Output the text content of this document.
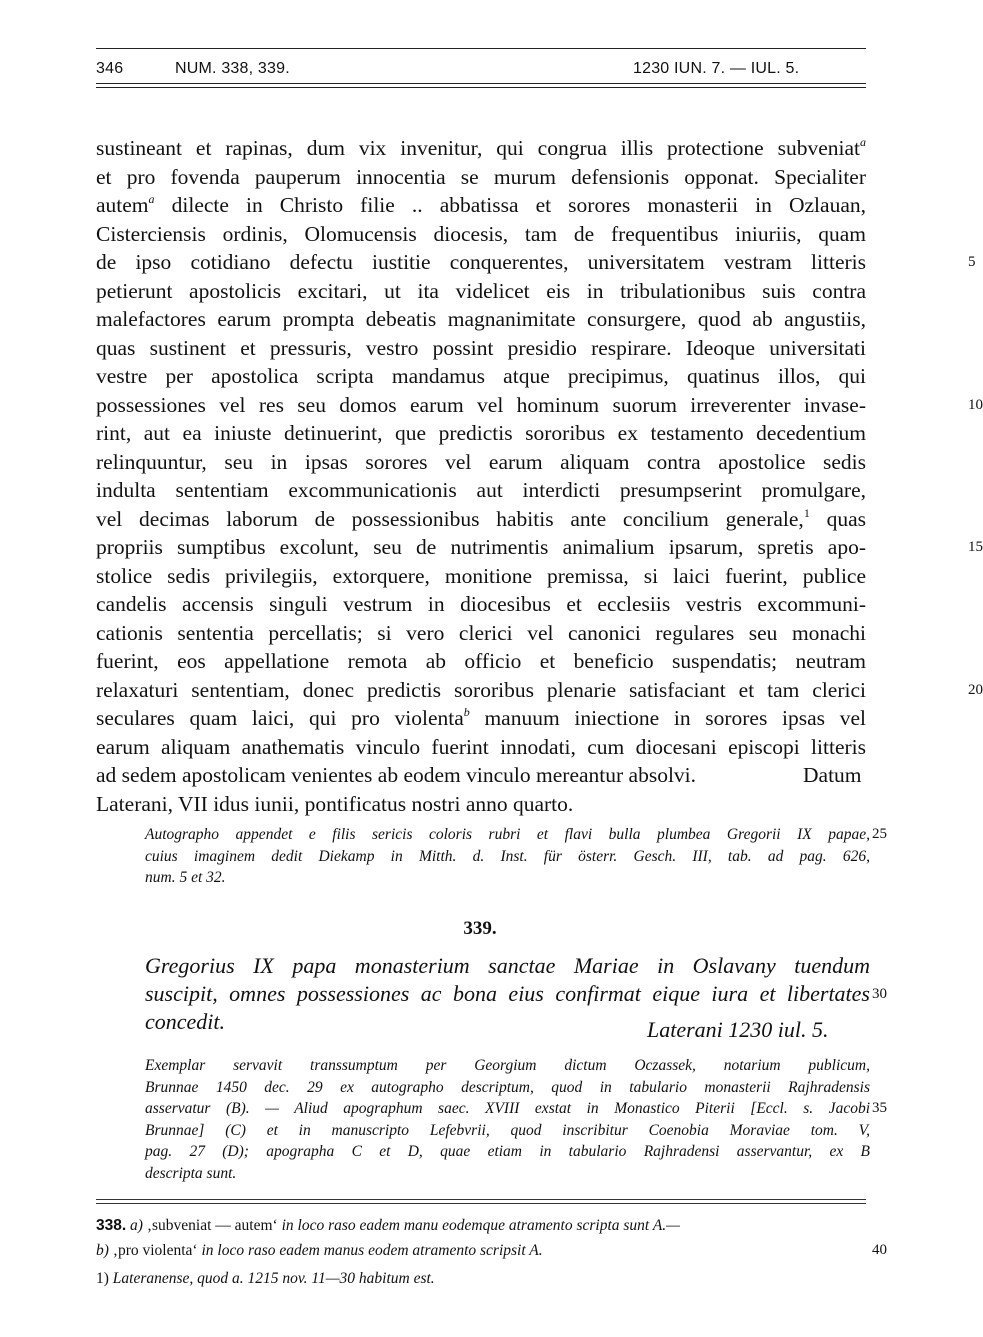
346	NUM. 338, 339.	1230 IUN. 7. — IUL. 5.
sustineant et rapinas, dum vix invenitur, qui congrua illis protectione subveniat$^a$
et pro fovenda pauperum innocentia se murum defensionis opponat. Specialiter
autem$^a$ dilecte in Christo filie .. abbatissa et sorores monasterii in Ozlauan,
Cisterciensis ordinis, Olomucensis diocesis, tam de frequentibus iniuriis, quam
de ipso cotidiano defectu iustitie conquerentes, universitatem vestram litteris	5
petierunt apostolicis excitari, ut ita videlicet eis in tribulationibus suis contra
malefactores earum prompta debeatis magnanimitate consurgere, quod ab angustiis,
quas sustinent et pressuris, vestro possint presidio respirare. Ideoque universitati
vestre per apostolica scripta mandamus atque precipimus, quatinus illos, qui
possessiones vel res seu domos earum vel hominum suorum irreverenter invase-	10
rint, aut ea iniuste detinuerint, que predictis sororibus ex testamento decedentium
relinquuntur, seu in ipsas sorores vel earum aliquam contra apostolice sedis
indulta sententiam excommunicationis aut interdicti presumpserint promulgare,
vel decimas laborum de possessionibus habitis ante concilium generale,$^1$ quas
propriis sumptibus excolunt, seu de nutrimentis animalium ipsarum, spretis apo-	15
stolice sedis privilegiis, extorquere, monitione premissa, si laici fuerint, publice
candelis accensis singuli vestrum in diocesibus et ecclesiis vestris excommuni-
cationis sententia percellatis; si vero clerici vel canonici regulares seu monachi
fuerint, eos appellatione remota ab officio et beneficio suspendatis; neutram
relaxaturi sententiam, donec predictis sororibus plenarie satisfaciant et tam clerici	20
seculares quam laici, qui pro violenta$^b$ manuum iniectione in sorores ipsas vel
earum aliquam anathematis vinculo fuerint innodati, cum diocesani episcopi litteris
ad sedem apostolicam venientes ab eodem vinculo mereantur absolvi.	Datum
Laterani, VII idus iunii, pontificatus nostri anno quarto.
Autographo appendet e filis sericis coloris rubri et flavi bulla plumbea Gregorii IX papae, 25
cuius imaginem dedit Diekamp in Mitth. d. Inst. für österr. Gesch. III, tab. ad pag. 626,
num. 5 et 32.
339.
Gregorius IX papa monasterium sanctae Mariae in Oslavany tuendum
suscipit, omnes possessiones ac bona eius confirmat eique iura et libertates 30
concedit.	Laterani 1230 iul. 5.
Exemplar servavit transsumptum per Georgium dictum Oczassek, notarium publicum,
Brunnae 1450 dec. 29 ex autographo descriptum, quod in tabulario monasterii Rajhradensis
asservatur (B). — Aliud apographum saec. XVIII exstat in Monastico Piterii [Eccl. s. Jacobi 35
Brunnae] (C) et in manuscripto Lefebvrii, quod inscribitur Coenobia Moraviae tom. V,
pag. 27 (D); apographa C et D, quae etiam in tabulario Rajhradensi asservantur, ex B
descripta sunt.
338. a) ‚subveniat — autem‘ in loco raso eadem manu eodemque atramento scripta sunt A.—
b) ‚pro violenta‘ in loco raso eadem manus eodem atramento scripsit A.	40
1) Lateranense, quod a. 1215 nov. 11—30 habitum est.
